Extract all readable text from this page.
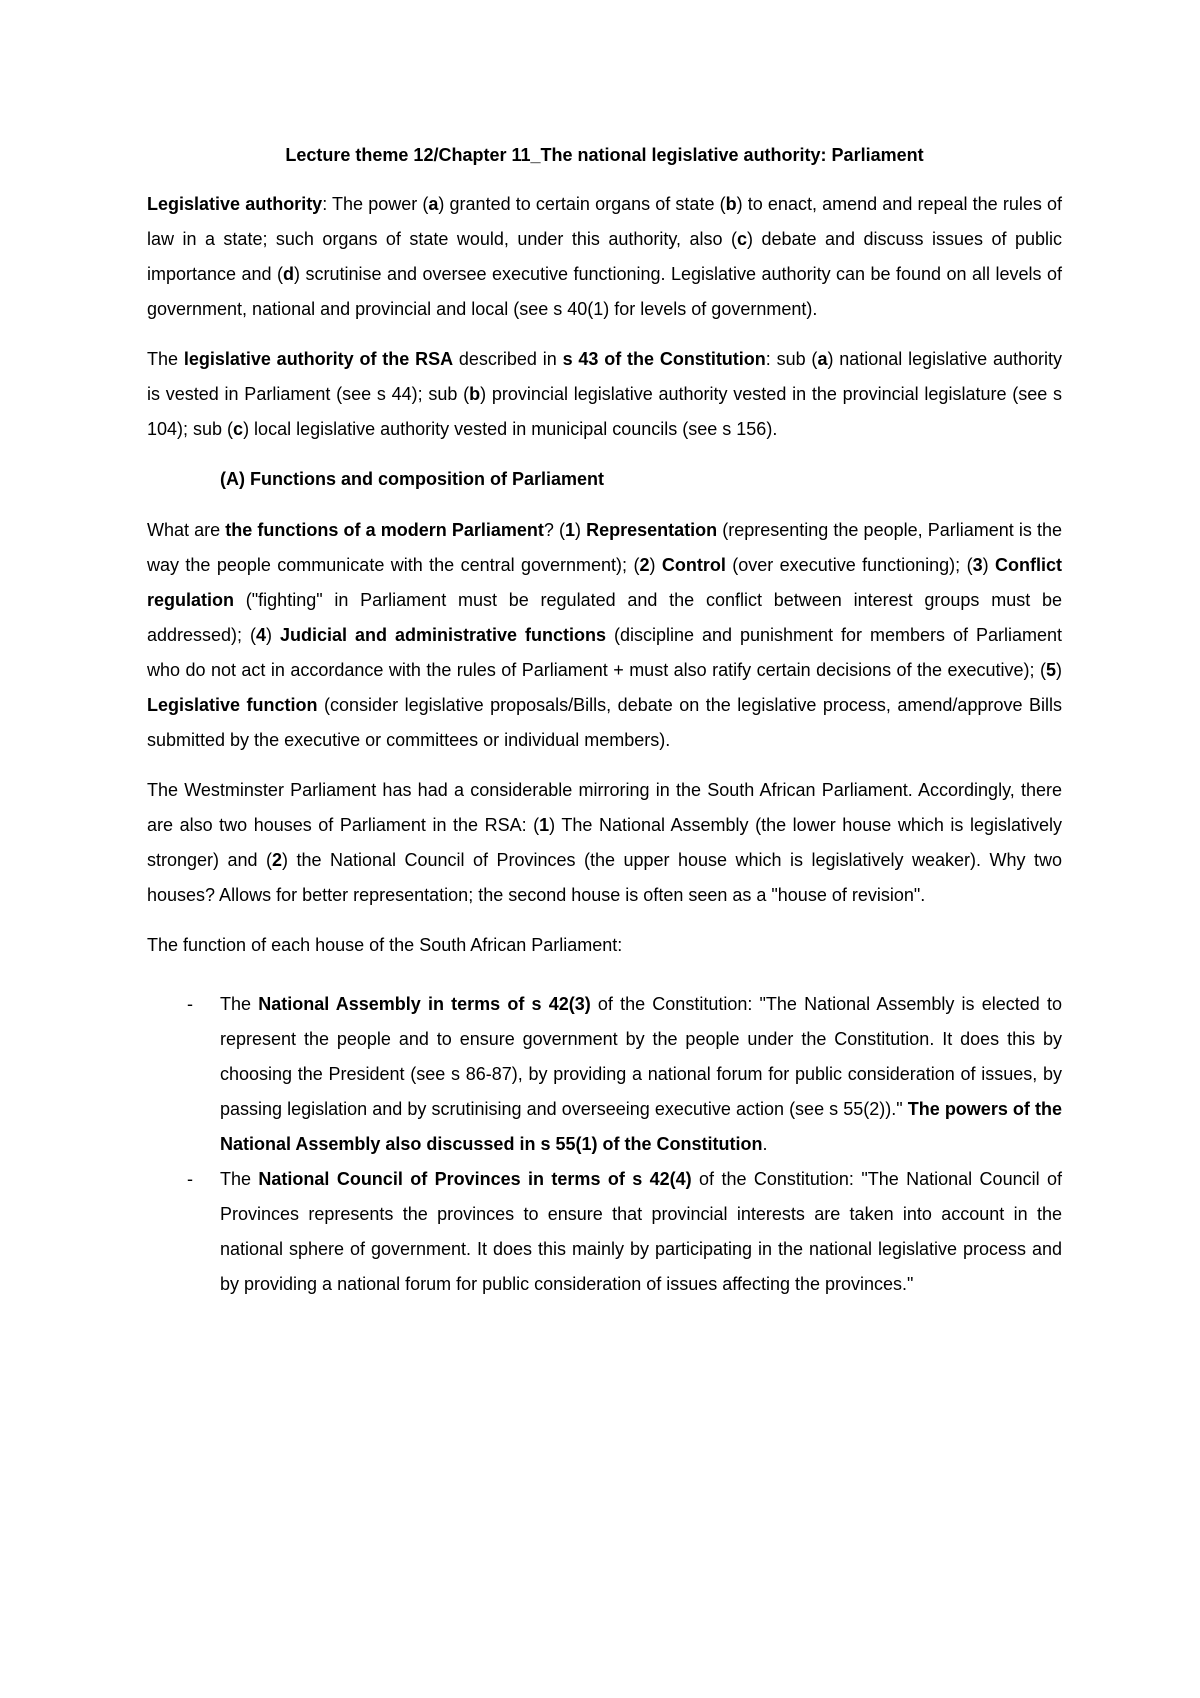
Lecture theme 12/Chapter 11_The national legislative authority: Parliament

Legislative authority: The power (a) granted to certain organs of state (b) to enact, amend and repeal the rules of law in a state; such organs of state would, under this authority, also (c) debate and discuss issues of public importance and (d) scrutinise and oversee executive functioning. Legislative authority can be found on all levels of government, national and provincial and local (see s 40(1) for levels of government).

The legislative authority of the RSA described in s 43 of the Constitution: sub (a) national legislative authority is vested in Parliament (see s 44); sub (b) provincial legislative authority vested in the provincial legislature (see s 104); sub (c) local legislative authority vested in municipal councils (see s 156).

(A) Functions and composition of Parliament

What are the functions of a modern Parliament? (1) Representation (representing the people, Parliament is the way the people communicate with the central government); (2) Control (over executive functioning); (3) Conflict regulation ("fighting" in Parliament must be regulated and the conflict between interest groups must be addressed); (4) Judicial and administrative functions (discipline and punishment for members of Parliament who do not act in accordance with the rules of Parliament + must also ratify certain decisions of the executive); (5) Legislative function (consider legislative proposals/Bills, debate on the legislative process, amend/approve Bills submitted by the executive or committees or individual members).

The Westminster Parliament has had a considerable mirroring in the South African Parliament. Accordingly, there are also two houses of Parliament in the RSA: (1) The National Assembly (the lower house which is legislatively stronger) and (2) the National Council of Provinces (the upper house which is legislatively weaker). Why two houses? Allows for better representation; the second house is often seen as a "house of revision".

The function of each house of the South African Parliament:

- The National Assembly in terms of s 42(3) of the Constitution: "The National Assembly is elected to represent the people and to ensure government by the people under the Constitution. It does this by choosing the President (see s 86-87), by providing a national forum for public consideration of issues, by passing legislation and by scrutinising and overseeing executive action (see s 55(2))." The powers of the National Assembly also discussed in s 55(1) of the Constitution.
- The National Council of Provinces in terms of s 42(4) of the Constitution: "The National Council of Provinces represents the provinces to ensure that provincial interests are taken into account in the national sphere of government. It does this mainly by participating in the national legislative process and by providing a national forum for public consideration of issues affecting the provinces."
